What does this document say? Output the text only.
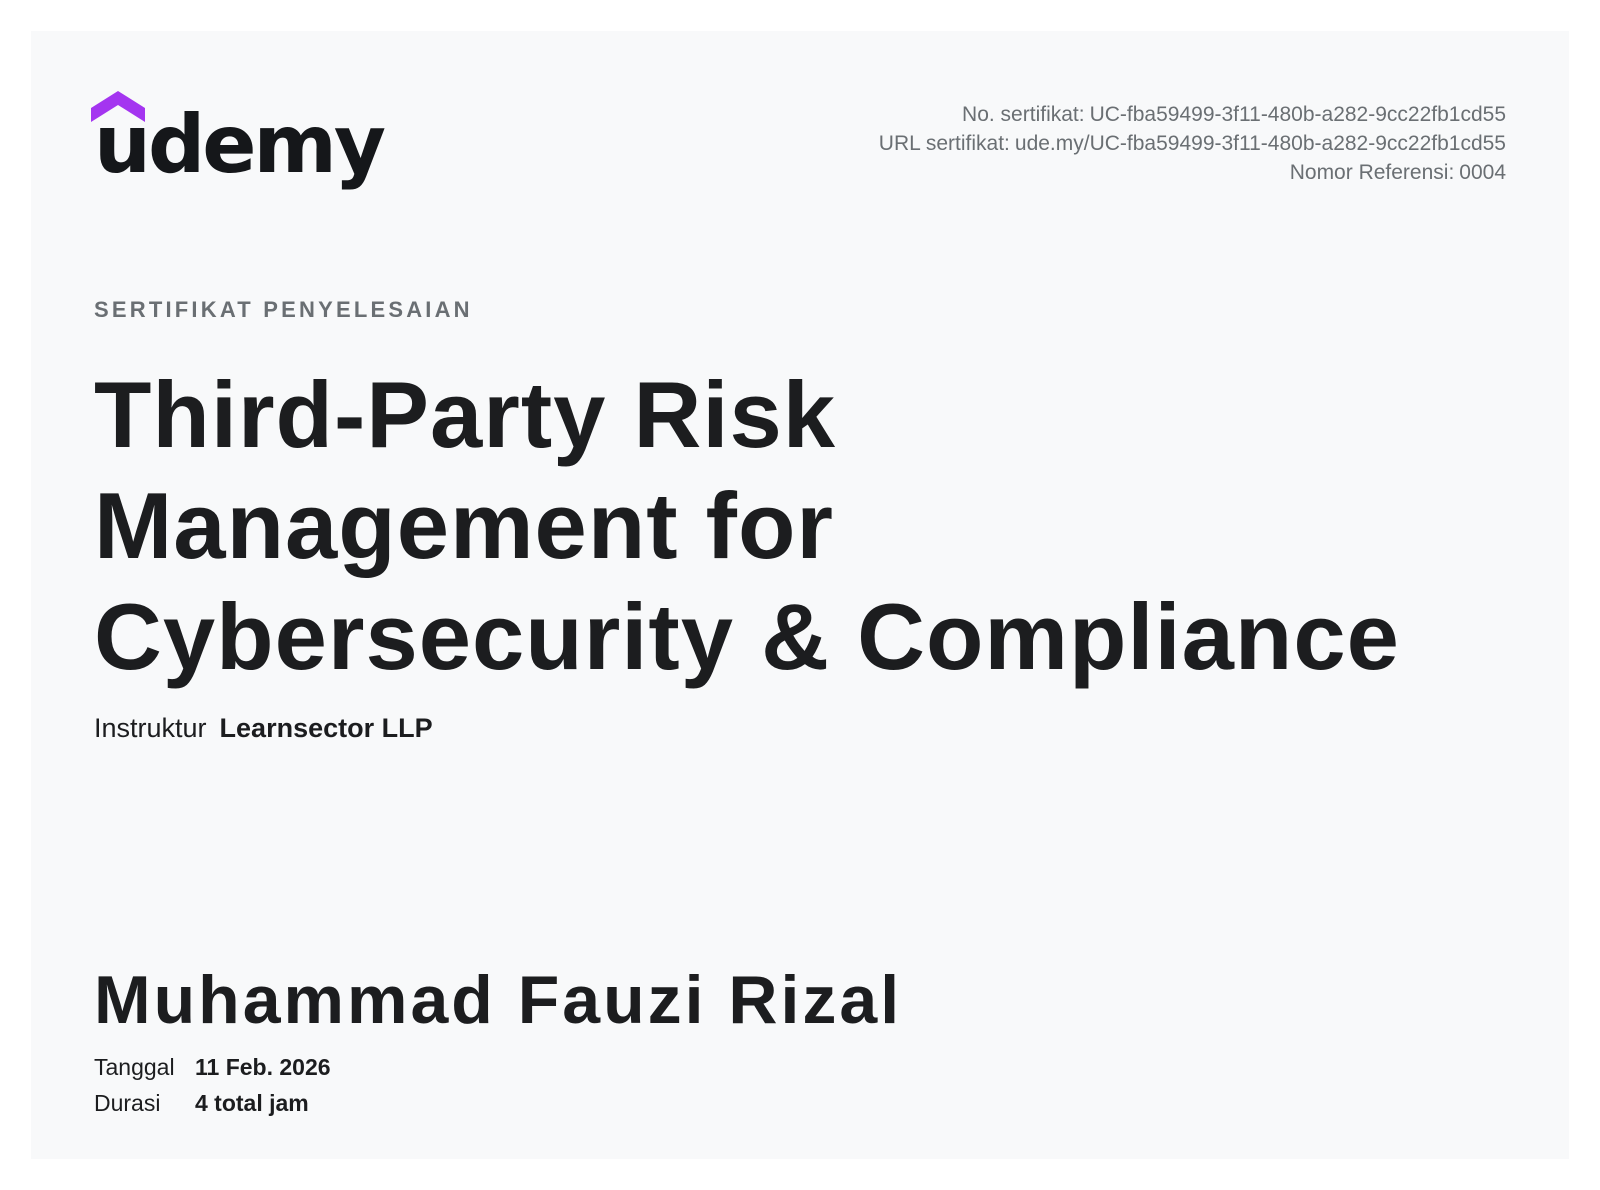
udemy	No. sertifikat: UC-fba59499-3f11-480b-a282-9cc22fb1cd55
URL sertifikat: ude.my/UC-fba59499-3f11-480b-a282-9cc22fb1cd55
Nomor Referensi: 0004
SERTIFIKAT PENYELESAIAN
Third-Party Risk
Management for
Cybersecurity & Compliance
Instruktur Learnsector LLP
Muhammad Fauzi Rizal
Tanggal 11 Feb. 2026
Durasi 4 total jam
